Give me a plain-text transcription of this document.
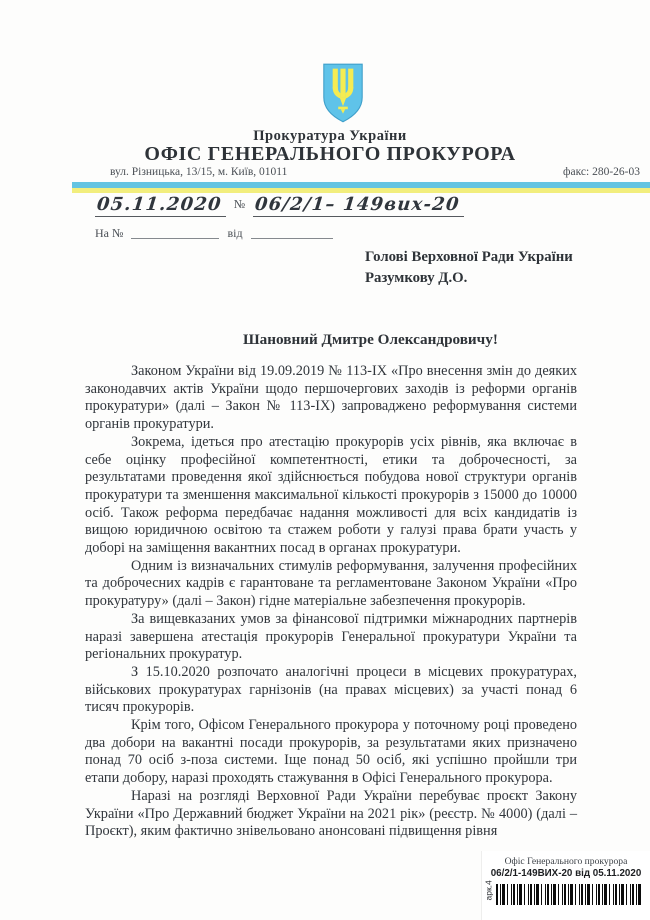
Прокуратура України
ОФІС ГЕНЕРАЛЬНОГО ПРОКУРОРА
вул. Різницька, 13/15, м. Київ, 01011	факс: 280-26-03
05.11.2020 № 06/2/1– 149вих-20
На №	від
Голові Верховної Ради України
Разумкову Д.О.
Шановний Дмитре Олександровичу!

Законом України від 19.09.2019 № 113-ІХ «Про внесення змін до деяких законодавчих актів України щодо першочергових заходів із реформи органів прокуратури» (далі – Закон № 113-ІХ) запроваджено реформування системи органів прокуратури.

Зокрема, ідеться про атестацію прокурорів усіх рівнів, яка включає в себе оцінку професійної компетентності, етики та доброчесності, за результатами проведення якої здійснюється побудова нової структури органів прокуратури та зменшення максимальної кількості прокурорів з 15000 до 10000 осіб. Також реформа передбачає надання можливості для всіх кандидатів із вищою юридичною освітою та стажем роботи у галузі права брати участь у доборі на заміщення вакантних посад в органах прокуратури.

Одним із визначальних стимулів реформування, залучення професійних та доброчесних кадрів є гарантоване та регламентоване Законом України «Про прокуратуру» (далі – Закон) гідне матеріальне забезпечення прокурорів.

За вищевказаних умов за фінансової підтримки міжнародних партнерів наразі завершена атестація прокурорів Генеральної прокуратури України та регіональних прокуратур.

З 15.10.2020 розпочато аналогічні процеси в місцевих прокуратурах, військових прокуратурах гарнізонів (на правах місцевих) за участі понад 6 тисяч прокурорів.

Крім того, Офісом Генерального прокурора у поточному році проведено два добори на вакантні посади прокурорів, за результатами яких призначено понад 70 осіб з-поза системи. Іще понад 50 осіб, які успішно пройшли три етапи добору, наразі проходять стажування в Офісі Генерального прокурора.

Наразі на розгляді Верховної Ради України перебуває проєкт Закону України «Про Державний бюджет України на 2021 рік» (реєстр. № 4000) (далі – Проєкт), яким фактично знівельовано анонсовані підвищення рівня

Офіс Генерального прокурора
06/2/1-149ВИХ-20 від 05.11.2020
арк.4
